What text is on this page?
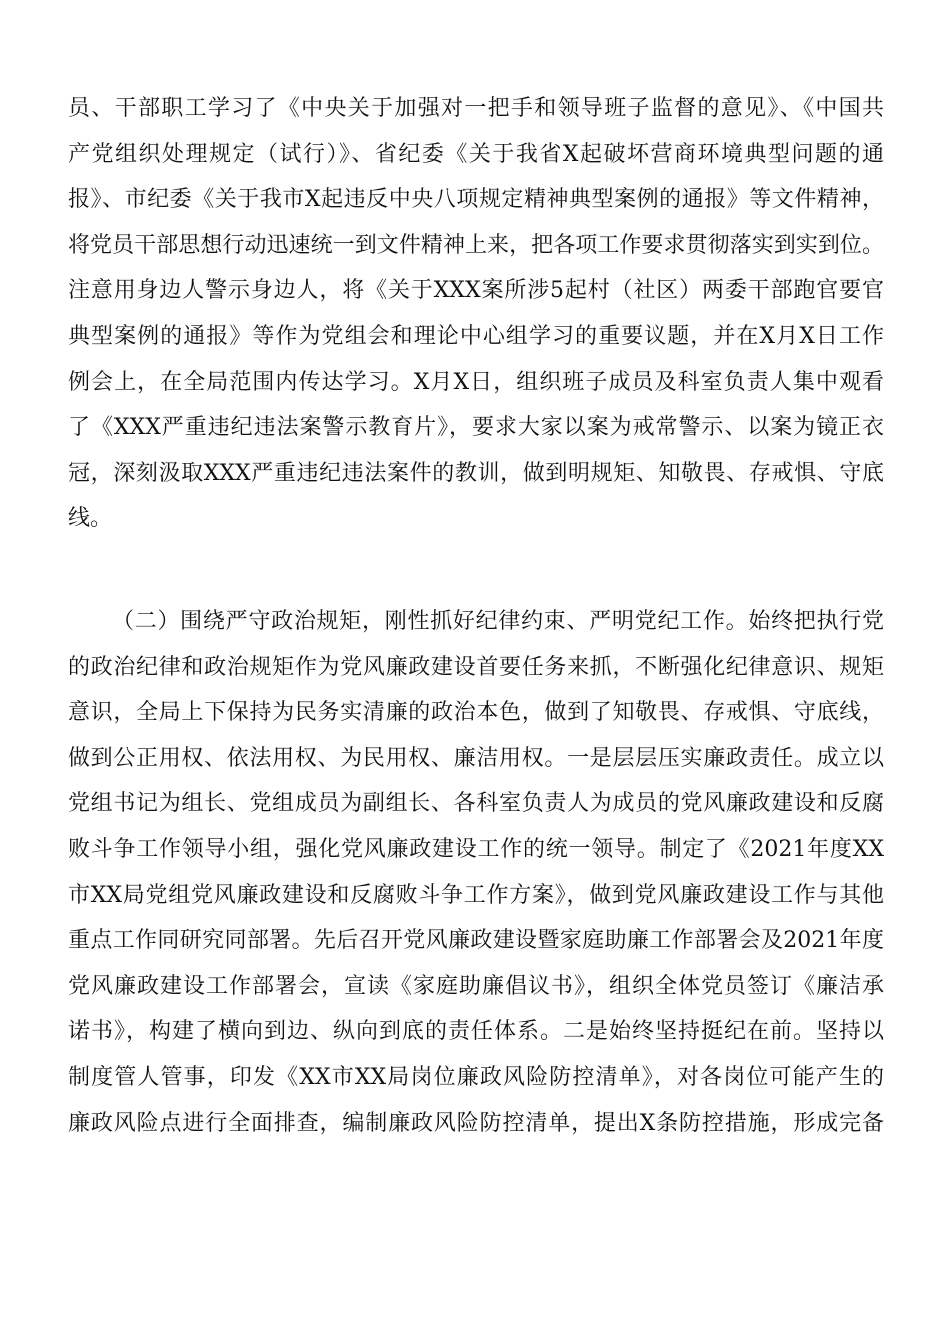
员、干部职工学习了《中央关于加强对一把手和领导班子监督的意见》、《中国共
产党组织处理规定（试行）》、省纪委《关于我省X起破坏营商环境典型问题的通
报》、市纪委《关于我市X起违反中央八项规定精神典型案例的通报》等文件精神，
将党员干部思想行动迅速统一到文件精神上来，把各项工作要求贯彻落实到实到位。
注意用身边人警示身边人，将《关于XXX案所涉5起村（社区）两委干部跑官要官
典型案例的通报》等作为党组会和理论中心组学习的重要议题，并在X月X日工作
例会上，在全局范围内传达学习。X月X日，组织班子成员及科室负责人集中观看
了《XXX严重违纪违法案警示教育片》，要求大家以案为戒常警示、以案为镜正衣
冠，深刻汲取XXX严重违纪违法案件的教训，做到明规矩、知敬畏、存戒惧、守底
线。
（二）围绕严守政治规矩，刚性抓好纪律约束、严明党纪工作。始终把执行党
的政治纪律和政治规矩作为党风廉政建设首要任务来抓，不断强化纪律意识、规矩
意识，全局上下保持为民务实清廉的政治本色，做到了知敬畏、存戒惧、守底线，
做到公正用权、依法用权、为民用权、廉洁用权。一是层层压实廉政责任。成立以
党组书记为组长、党组成员为副组长、各科室负责人为成员的党风廉政建设和反腐
败斗争工作领导小组，强化党风廉政建设工作的统一领导。制定了《2021年度XX
市XX局党组党风廉政建设和反腐败斗争工作方案》，做到党风廉政建设工作与其他
重点工作同研究同部署。先后召开党风廉政建设暨家庭助廉工作部署会及2021年度
党风廉政建设工作部署会，宣读《家庭助廉倡议书》，组织全体党员签订《廉洁承
诺书》，构建了横向到边、纵向到底的责任体系。二是始终坚持挺纪在前。坚持以
制度管人管事，印发《XX市XX局岗位廉政风险防控清单》，对各岗位可能产生的
廉政风险点进行全面排查，编制廉政风险防控清单，提出X条防控措施，形成完备
